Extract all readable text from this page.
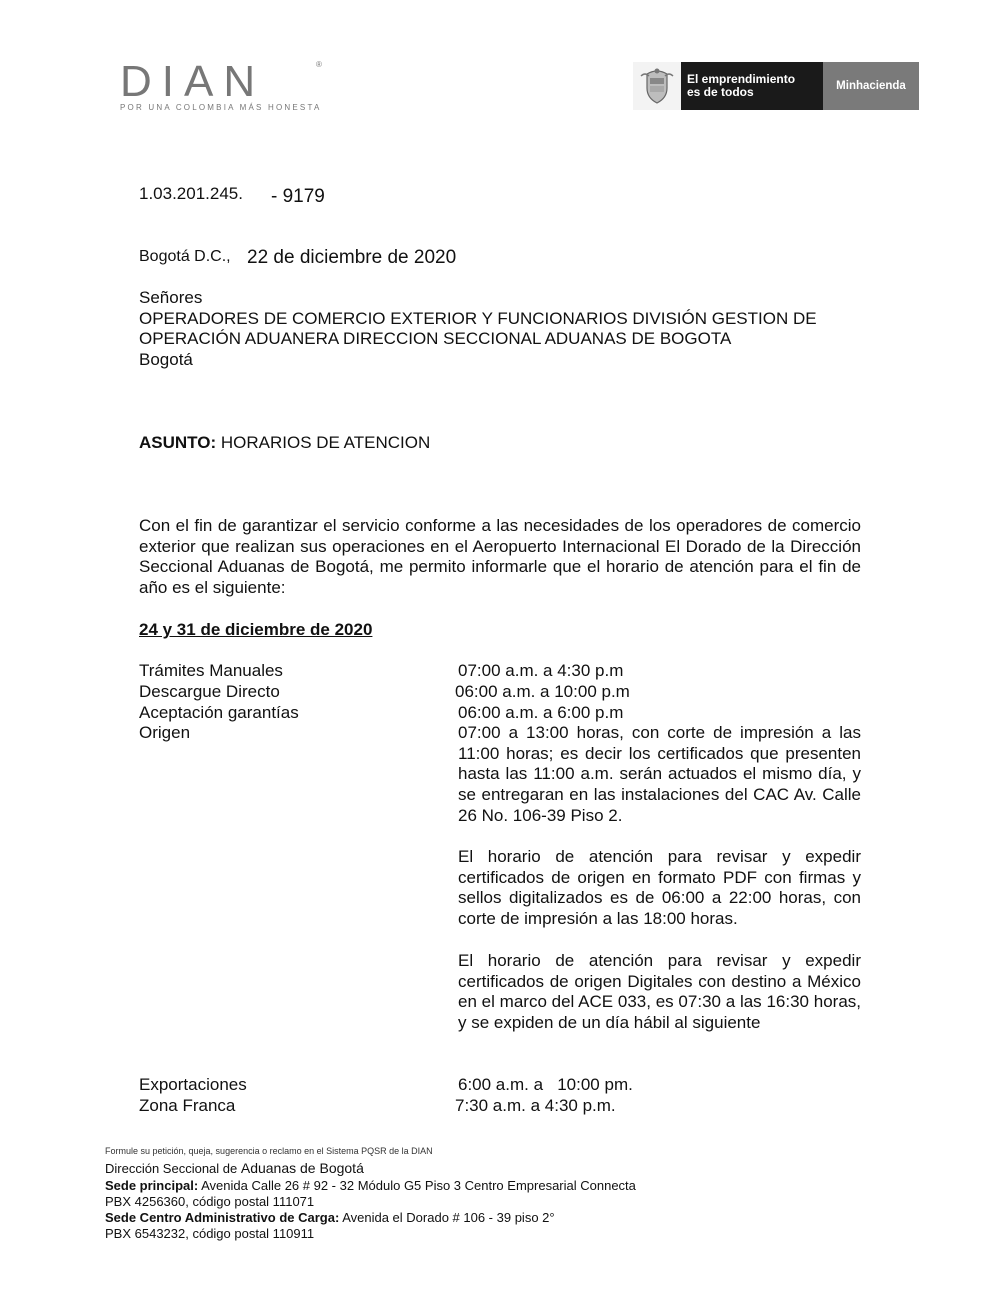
DIAN	®
POR UNA COLOMBIA MÁS HONESTA
El emprendimiento
es de todos	Minhacienda
1.03.201.245. - 9179
Bogotá D.C., 22 de diciembre de 2020
Señores
OPERADORES DE COMERCIO EXTERIOR Y FUNCIONARIOS DIVISIÓN GESTION DE
OPERACIÓN ADUANERA DIRECCION SECCIONAL ADUANAS DE BOGOTA
Bogotá
ASUNTO: HORARIOS DE ATENCION
Con el fin de garantizar el servicio conforme a las necesidades de los operadores de comercio exterior que realizan sus operaciones en el Aeropuerto Internacional El Dorado de la Dirección Seccional Aduanas de Bogotá, me permito informarle que el horario de atención para el fin de año es el siguiente:
24 y 31 de diciembre de 2020
Trámites Manuales	07:00 a.m. a 4:30 p.m
Descargue Directo	06:00 a.m. a 10:00 p.m
Aceptación garantías	06:00 a.m. a 6:00 p.m
Origen	07:00 a 13:00 horas, con corte de impresión a las 11:00 horas; es decir los certificados que presenten hasta las 11:00 a.m. serán actuados el mismo día, y se entregaran en las instalaciones del CAC Av. Calle 26 No. 106-39 Piso 2.
El horario de atención para revisar y expedir certificados de origen en formato PDF con firmas y sellos digitalizados es de 06:00 a 22:00 horas, con corte de impresión a las 18:00 horas.
El horario de atención para revisar y expedir certificados de origen Digitales con destino a México en el marco del ACE 033, es 07:30 a las 16:30 horas, y se expiden de un día hábil al siguiente
Exportaciones	6:00 a.m. a   10:00 pm.
Zona Franca	7:30 a.m. a 4:30 p.m.
Formule su petición, queja, sugerencia o reclamo en el Sistema PQSR de la DIAN
Dirección Seccional de Aduanas de Bogotá
Sede principal: Avenida Calle 26 # 92 - 32 Módulo G5 Piso 3 Centro Empresarial Connecta
PBX 4256360, código postal 111071
Sede Centro Administrativo de Carga: Avenida el Dorado # 106 - 39 piso 2°
PBX 6543232, código postal 110911
